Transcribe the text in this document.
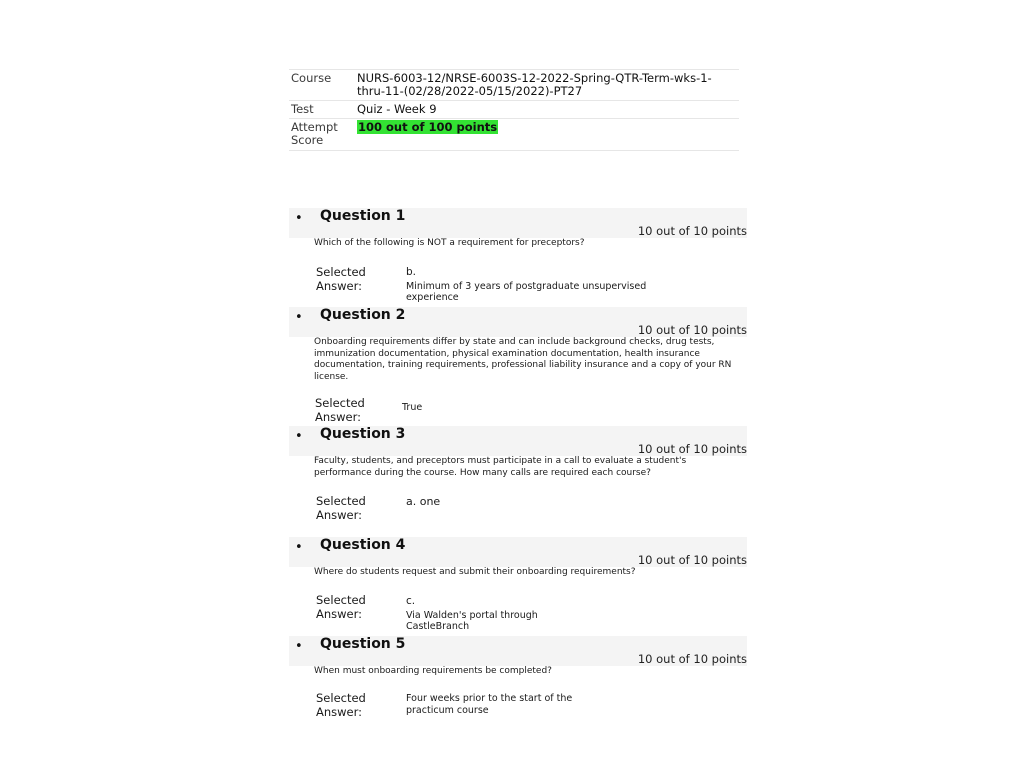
Course	NURS-6003-12/NRSE-6003S-12-2022-Spring-QTR-Term-wks-1-thru-11-(02/28/2022-05/15/2022)-PT27
Test	Quiz - Week 9
Attempt Score
100 out of 100 points
• Question 1
10 out of 10 points
Which of the following is NOT a requirement for preceptors?
Selected Answer:
b.
Minimum of 3 years of postgraduate unsupervised experience
• Question 2
10 out of 10 points
Onboarding requirements differ by state and can include background checks, drug tests, immunization documentation, physical examination documentation, health insurance documentation, training requirements, professional liability insurance and a copy of your RN license.
Selected Answer:
True
• Question 3
10 out of 10 points
Faculty, students, and preceptors must participate in a call to evaluate a student's performance during the course. How many calls are required each course?
Selected Answer:
a. one
• Question 4
10 out of 10 points
Where do students request and submit their onboarding requirements?
Selected Answer:
c.
Via Walden's portal through CastleBranch
• Question 5
10 out of 10 points
When must onboarding requirements be completed?
Selected Answer:
Four weeks prior to the start of the practicum course
